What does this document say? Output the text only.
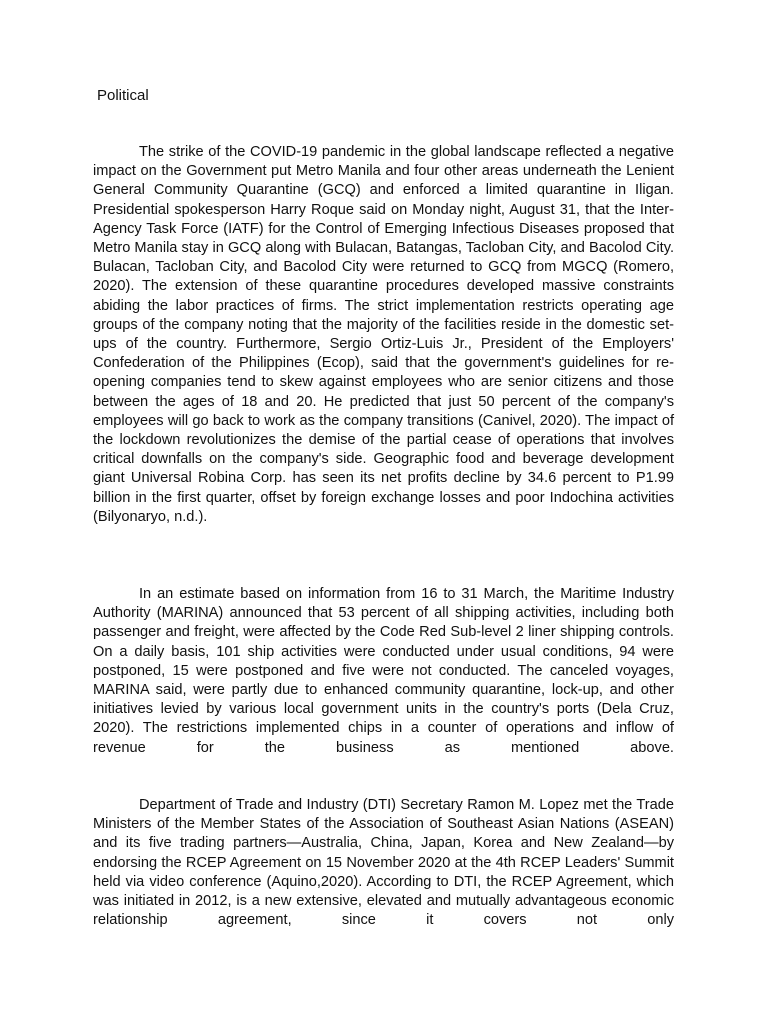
Political

The strike of the COVID-19 pandemic in the global landscape reflected a negative impact on the Government put Metro Manila and four other areas underneath the Lenient General Community Quarantine (GCQ) and enforced a limited quarantine in Iligan. Presidential spokesperson Harry Roque said on Monday night, August 31, that the Inter-Agency Task Force (IATF) for the Control of Emerging Infectious Diseases proposed that Metro Manila stay in GCQ along with Bulacan, Batangas, Tacloban City, and Bacolod City. Bulacan, Tacloban City, and Bacolod City were returned to GCQ from MGCQ (Romero, 2020). The extension of these quarantine procedures developed massive constraints abiding the labor practices of firms. The strict implementation restricts operating age groups of the company noting that the majority of the facilities reside in the domestic set-ups of the country. Furthermore, Sergio Ortiz-Luis Jr., President of the Employers' Confederation of the Philippines (Ecop), said that the government's guidelines for re-opening companies tend to skew against employees who are senior citizens and those between the ages of 18 and 20. He predicted that just 50 percent of the company's employees will go back to work as the company transitions (Canivel, 2020). The impact of the lockdown revolutionizes the demise of the partial cease of operations that involves critical downfalls on the company's side. Geographic food and beverage development giant Universal Robina Corp. has seen its net profits decline by 34.6 percent to P1.99 billion in the first quarter, offset by foreign exchange losses and poor Indochina activities (Bilyonaryo, n.d.).

In an estimate based on information from 16 to 31 March, the Maritime Industry Authority (MARINA) announced that 53 percent of all shipping activities, including both passenger and freight, were affected by the Code Red Sub-level 2 liner shipping controls. On a daily basis, 101 ship activities were conducted under usual conditions, 94 were postponed, 15 were postponed and five were not conducted. The canceled voyages, MARINA said, were partly due to enhanced community quarantine, lock-up, and other initiatives levied by various local government units in the country's ports (Dela Cruz, 2020). The restrictions implemented chips in a counter of operations and inflow of revenue for the business as mentioned above.

Department of Trade and Industry (DTI) Secretary Ramon M. Lopez met the Trade Ministers of the Member States of the Association of Southeast Asian Nations (ASEAN) and its five trading partners—Australia, China, Japan, Korea and New Zealand—by endorsing the RCEP Agreement on 15 November 2020 at the 4th RCEP Leaders' Summit held via video conference (Aquino,2020). According to DTI, the RCEP Agreement, which was initiated in 2012, is a new extensive, elevated and mutually advantageous economic relationship agreement, since it covers not only
